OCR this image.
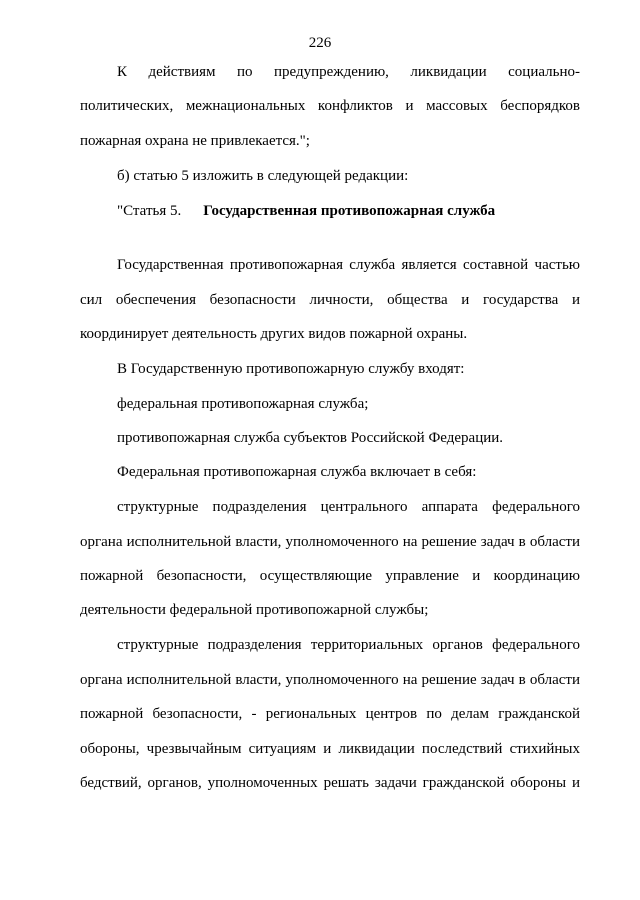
226
К действиям по предупреждению, ликвидации социально-
политических, межнациональных конфликтов и массовых беспорядков
пожарная охрана не привлекается.";
б) статью 5 изложить в следующей редакции:
"Статья 5. Государственная противопожарная служба
Государственная противопожарная служба является составной частью
сил обеспечения безопасности личности, общества и государства и
координирует деятельность других видов пожарной охраны.
В Государственную противопожарную службу входят:
федеральная противопожарная служба;
противопожарная служба субъектов Российской Федерации.
Федеральная противопожарная служба включает в себя:
структурные подразделения центрального аппарата федерального
органа исполнительной власти, уполномоченного на решение задач в области
пожарной безопасности, осуществляющие управление и координацию
деятельности федеральной противопожарной службы;
структурные подразделения территориальных органов федерального
органа исполнительной власти, уполномоченного на решение задач в области
пожарной безопасности, - региональных центров по делам гражданской
обороны, чрезвычайным ситуациям и ликвидации последствий стихийных
бедствий, органов, уполномоченных решать задачи гражданской обороны и
